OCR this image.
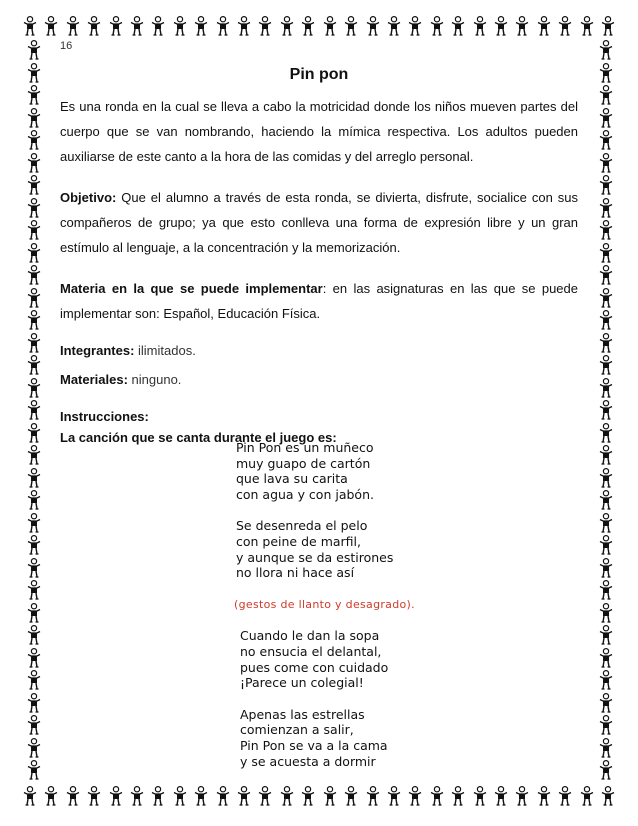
16
Pin pon

Es una ronda en la cual se lleva a cabo la motricidad donde los niños mueven partes del cuerpo que se van nombrando, haciendo la mímica respectiva. Los adultos pueden auxiliarse de este canto a la hora de las comidas y del arreglo personal.

Objetivo: Que el alumno a través de esta ronda, se divierta, disfrute, socialice con sus compañeros de grupo; ya que esto conlleva una forma de expresión libre y un gran estímulo al lenguaje, a la concentración y la memorización.

Materia en la que se puede implementar: en las asignaturas en las que se puede implementar son: Español, Educación Física.

Integrantes: ilimitados.

Materiales: ninguno.

Instrucciones:

La canción que se canta durante el juego es:

Pin Pon es un muñeco
muy guapo de cartón
que lava su carita
con agua y con jabón.
Se desenreda el pelo
con peine de marfil,
y aunque se da estirones
no llora ni hace así
(gestos de llanto y desagrado).
Cuando le dan la sopa
no ensucia el delantal,
pues come con cuidado
¡Parece un colegial!
Apenas las estrellas
comienzan a salir,
Pin Pon se va a la cama
y se acuesta a dormir
